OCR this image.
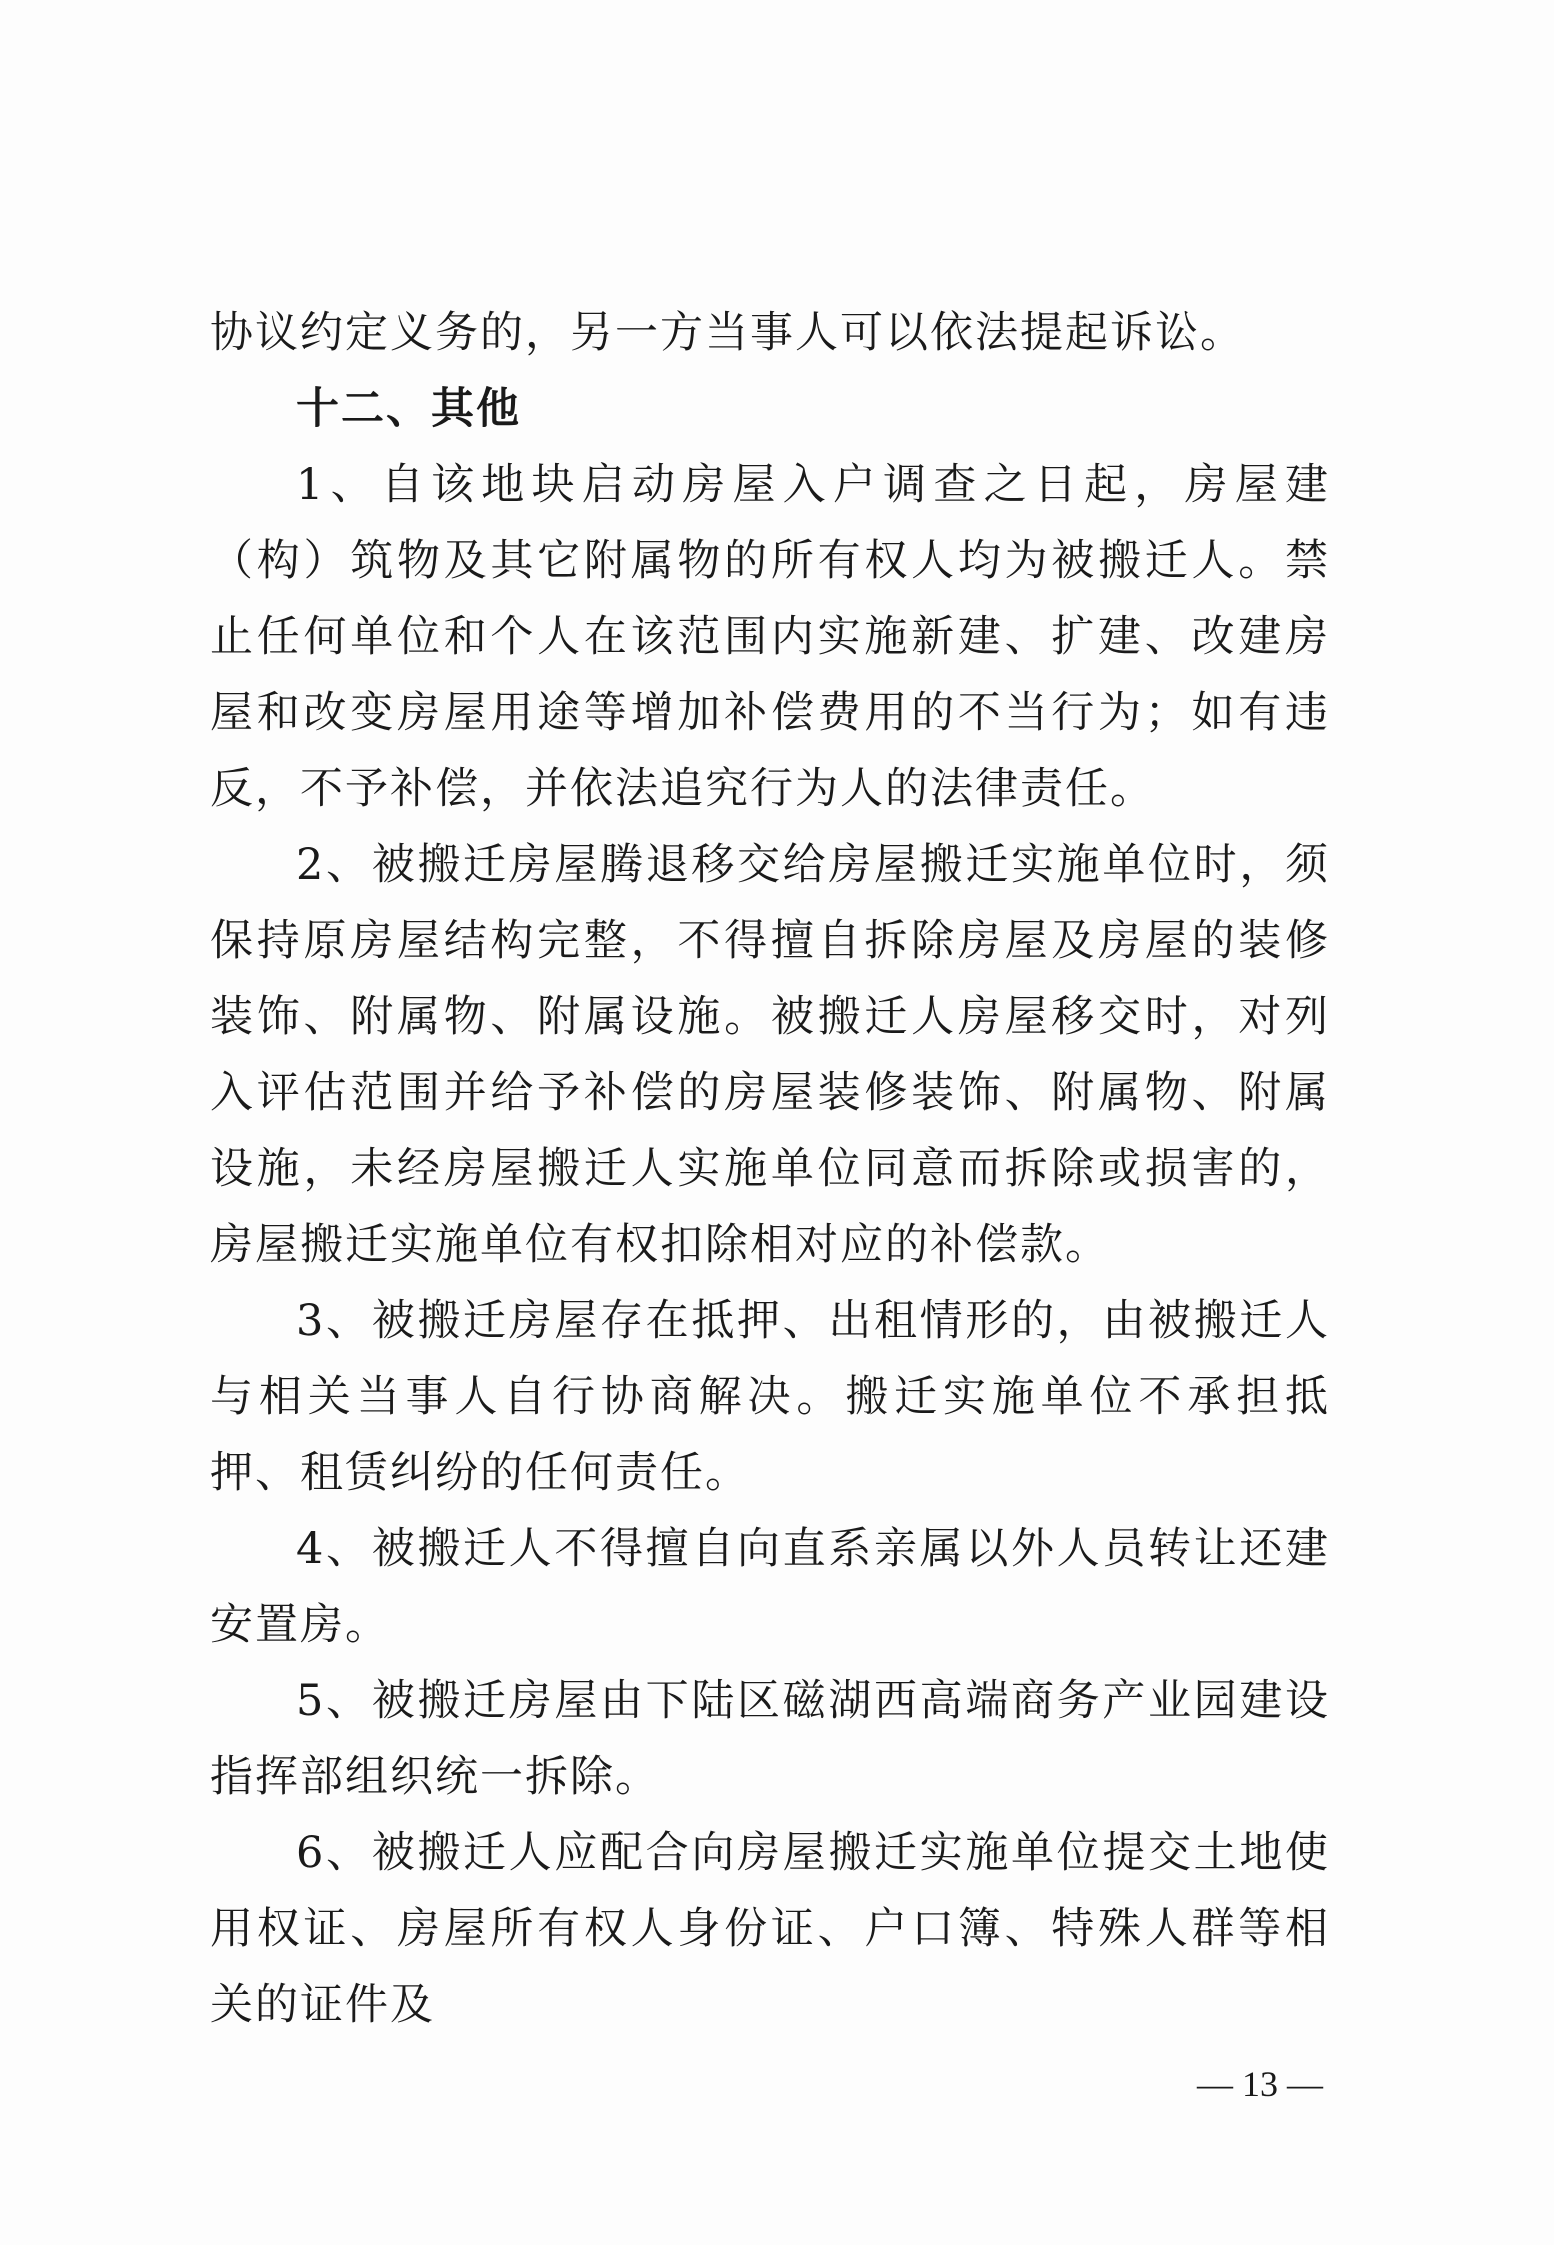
协议约定义务的，另一方当事人可以依法提起诉讼。

十二、其他

1、自该地块启动房屋入户调查之日起，房屋建（构）筑物及其它附属物的所有权人均为被搬迁人。禁止任何单位和个人在该范围内实施新建、扩建、改建房屋和改变房屋用途等增加补偿费用的不当行为；如有违反，不予补偿，并依法追究行为人的法律责任。

2、被搬迁房屋腾退移交给房屋搬迁实施单位时，须保持原房屋结构完整，不得擅自拆除房屋及房屋的装修装饰、附属物、附属设施。被搬迁人房屋移交时，对列入评估范围并给予补偿的房屋装修装饰、附属物、附属设施，未经房屋搬迁人实施单位同意而拆除或损害的，房屋搬迁实施单位有权扣除相对应的补偿款。

3、被搬迁房屋存在抵押、出租情形的，由被搬迁人与相关当事人自行协商解决。搬迁实施单位不承担抵押、租赁纠纷的任何责任。

4、被搬迁人不得擅自向直系亲属以外人员转让还建安置房。

5、被搬迁房屋由下陆区磁湖西高端商务产业园建设指挥部组织统一拆除。

6、被搬迁人应配合向房屋搬迁实施单位提交土地使用权证、房屋所有权人身份证、户口簿、特殊人群等相关的证件及

— 13 —
